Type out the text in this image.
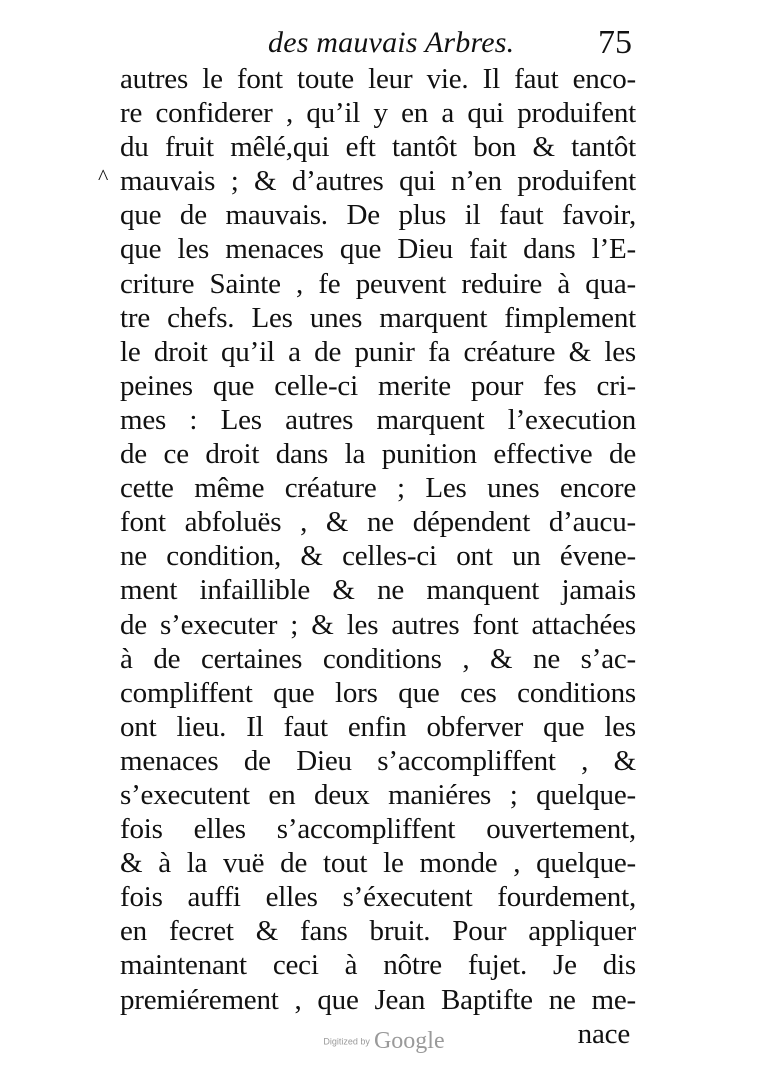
des mauvais Arbres. 75
^
autres le font toute leur vie. Il faut enco-
re confiderer , qu’il y en a qui produifent
du fruit mêlé,qui eft tantôt bon & tantôt
mauvais ; & d’autres qui n’en produifent
que de mauvais. De plus il faut favoir,
que les menaces que Dieu fait dans l’E-
criture Sainte , fe peuvent reduire à qua-
tre chefs. Les unes marquent fimplement
le droit qu’il a de punir fa créature & les
peines que celle-ci merite pour fes cri-
mes : Les autres marquent l’execution
de ce droit dans la punition effective de
cette même créature ; Les unes encore
font abfoluës , & ne dépendent d’aucu-
ne condition, & celles-ci ont un évene-
ment infaillible & ne manquent jamais
de s’executer ; & les autres font attachées
à de certaines conditions , & ne s’ac-
compliffent que lors que ces conditions
ont lieu. Il faut enfin obferver que les
menaces de Dieu s’accompliffent , &
s’executent en deux maniéres ; quelque-
fois elles s’accompliffent ouvertement,
& à la vuë de tout le monde , quelque-
fois auffi elles s’éxecutent fourdement,
en fecret & fans bruit. Pour appliquer
maintenant ceci à nôtre fujet. Je dis
premiérement , que Jean Baptifte ne me-
nace
Digitized by Google
